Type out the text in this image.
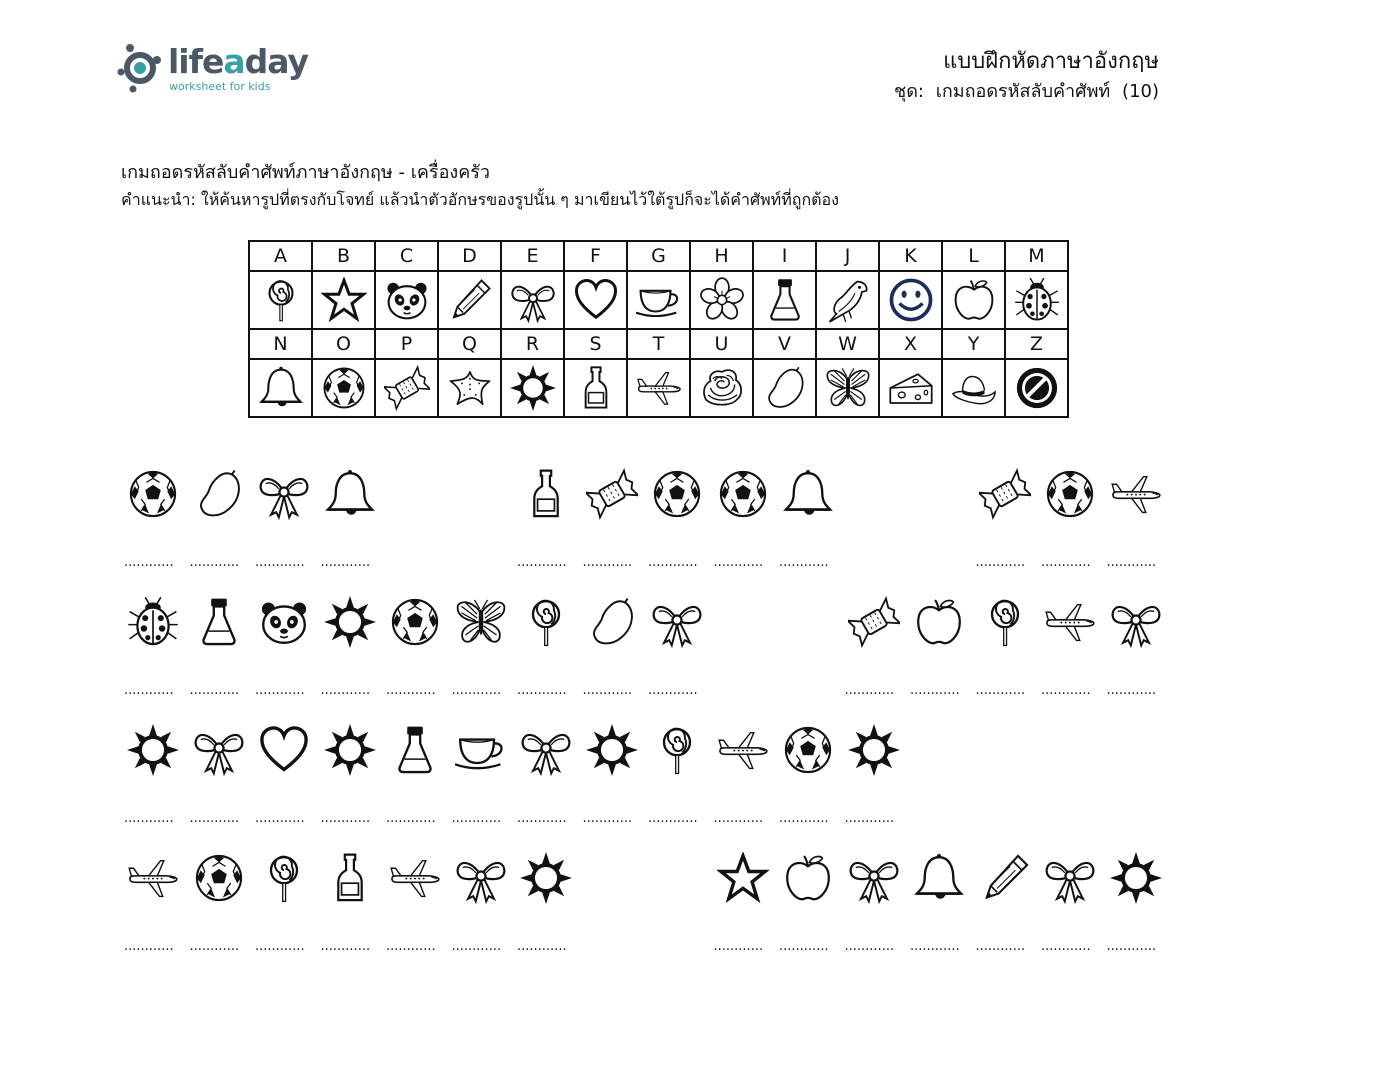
lifeaday
worksheet for kids
แบบฝึกหัดภาษาอังกฤษ
ชุด: เกมถอดรหัสลับคำศัพท์ (10)
เกมถอดรหัสลับคำศัพท์ภาษาอังกฤษ - เครื่องครัว
คำแนะนำ: ให้ค้นหารูปที่ตรงกับโจทย์ แล้วนำตัวอักษรของรูปนั้น ๆ มาเขียนไว้ใต้รูปก็จะได้คำศัพท์ที่ถูกต้อง
A	B	C	D	E	F	G	H	I	J	K	L	M

N	O	P	Q	R	S	T	U	V	W	X	Y	Z

............ ............ ............ ............	............ ............ ............ ............ ............	............ ............ ............
............ ............ ............ ............ ............ ............ ............ ............ ............	............ ............ ............ ............ ............
............ ............ ............ ............ ............ ............ ............ ............ ............ ............ ............ ............
............ ............ ............ ............ ............ ............ ............	............ ............ ............ ............ ............ ............ ............
